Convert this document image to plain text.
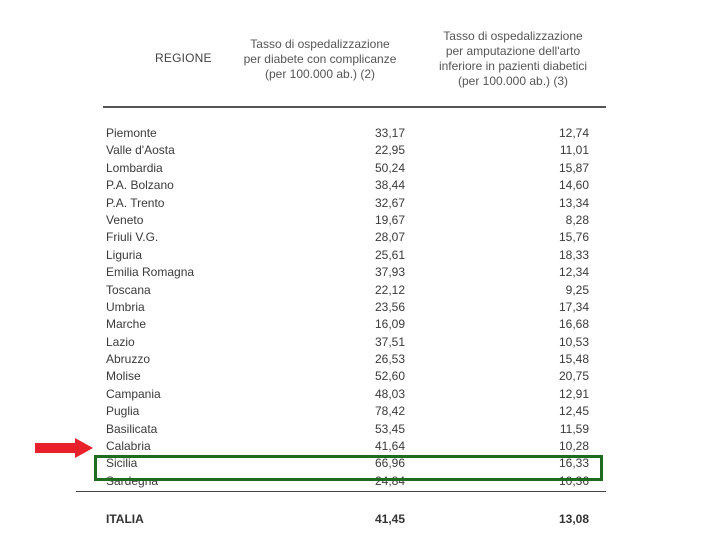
REGIONE
Tasso di ospedalizzazione
per diabete con complicanze
(per 100.000 ab.) (2)
Tasso di ospedalizzazione
per amputazione dell'arto
inferiore in pazienti diabetici
(per 100.000 ab.) (3)
Piemonte	33,17	12,74
Valle d'Aosta	22,95	11,01
Lombardia	50,24	15,87
P.A. Bolzano	38,44	14,60
P.A. Trento	32,67	13,34
Veneto	19,67	8,28
Friuli V.G.	28,07	15,76
Liguria	25,61	18,33
Emilia Romagna	37,93	12,34
Toscana	22,12	9,25
Umbria	23,56	17,34
Marche	16,09	16,68
Lazio	37,51	10,53
Abruzzo	26,53	15,48
Molise	52,60	20,75
Campania	48,03	12,91
Puglia	78,42	12,45
Basilicata	53,45	11,59
Calabria	41,64	10,28
Sicilia	66,96	16,33
Sardegna	24,84	10,36
ITALIA	41,45	13,08
